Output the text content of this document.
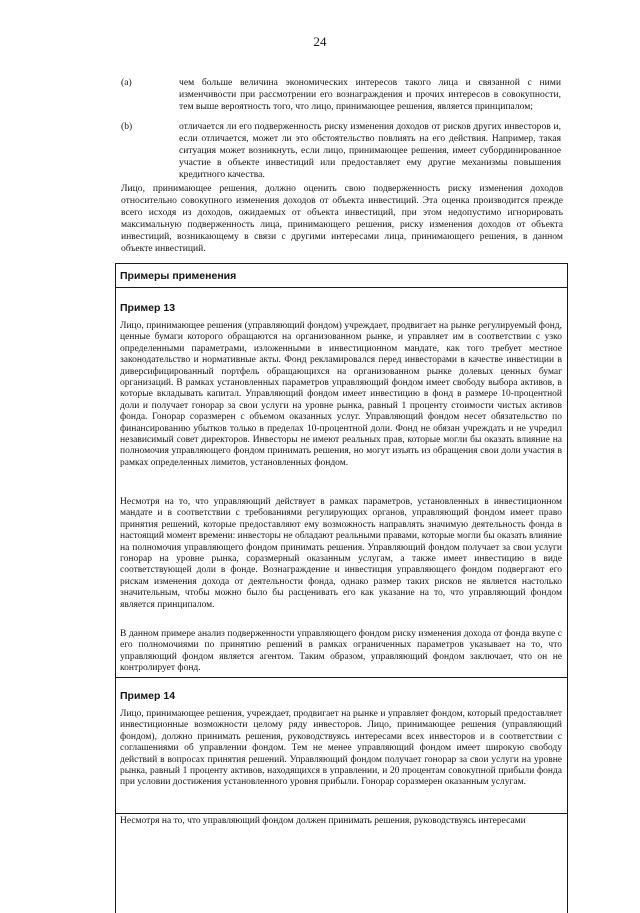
24
(a)	чем больше величина экономических интересов такого лица и связанной с ними изменчивости при рассмотрении его вознаграждения и прочих интересов в совокупности, тем выше вероятность того, что лицо, принимающее решения, является принципалом;
(b)	отличается ли его подверженность риску изменения доходов от рисков других инвесторов и, если отличается, может ли это обстоятельство повлиять на его действия. Например, такая ситуация может возникнуть, если лицо, принимающее решения, имеет субординированное участие в объекте инвестиций или предоставляет ему другие механизмы повышения кредитного качества.
Лицо, принимающее решения, должно оценить свою подверженность риску изменения доходов относительно совокупного изменения доходов от объекта инвестиций. Эта оценка производится прежде всего исходя из доходов, ожидаемых от объекта инвестиций, при этом недопустимо игнорировать максимальную подверженность лица, принимающего решения, риску изменения доходов от объекта инвестиций, возникающему в связи с другими интересами лица, принимающего решения, в данном объекте инвестиций.
Примеры применения
Пример 13
Лицо, принимающее решения (управляющий фондом) учреждает, продвигает на рынке регулируемый фонд, ценные бумаги которого обращаются на организованном рынке, и управляет им в соответствии с узко определенными параметрами, изложенными в инвестиционном мандате, как того требует местное законодательство и нормативные акты. Фонд рекламировался перед инвесторами в качестве инвестиции в диверсифицированный портфель обращающихся на организованном рынке долевых ценных бумаг организаций. В рамках установленных параметров управляющий фондом имеет свободу выбора активов, в которые вкладывать капитал. Управляющий фондом имеет инвестицию в фонд в размере 10-процентной доли и получает гонорар за свои услуги на уровне рынка, равный 1 проценту стоимости чистых активов фонда. Гонорар соразмерен с объемом оказанных услуг. Управляющий фондом несет обязательство по финансированию убытков только в пределах 10-процентной доли. Фонд не обязан учреждать и не учредил независимый совет директоров. Инвесторы не имеют реальных прав, которые могли бы оказать влияние на полномочия управляющего фондом принимать решения, но могут изъять из обращения свои доли участия в рамках определенных лимитов, установленных фондом.
Несмотря на то, что управляющий действует в рамках параметров, установленных в инвестиционном мандате и в соответствии с требованиями регулирующих органов, управляющий фондом имеет право принятия решений, которые предоставляют ему возможность направлять значимую деятельность фонда в настоящий момент времени: инвесторы не обладают реальными правами, которые могли бы оказать влияние на полномочия управляющего фондом принимать решения. Управляющий фондом получает за свои услуги гонорар на уровне рынка, соразмерный оказанным услугам, а также имеет инвестицию в виде соответствующей доли в фонде. Вознаграждение и инвестиция управляющего фондом подвергают его рискам изменения дохода от деятельности фонда, однако размер таких рисков не является настолько значительным, чтобы можно было бы расценивать его как указание на то, что управляющий фондом является принципалом.
В данном примере анализ подверженности управляющего фондом риску изменения дохода от фонда вкупе с его полномочиями по принятию решений в рамках ограниченных параметров указывает на то, что управляющий фондом является агентом. Таким образом, управляющий фондом заключает, что он не контролирует фонд.
Пример 14
Лицо, принимающее решения, учреждает, продвигает на рынке и управляет фондом, который предоставляет инвестиционные возможности целому ряду инвесторов. Лицо, принимающее решения (управляющий фондом), должно принимать решения, руководствуясь интересами всех инвесторов и в соответствии с соглашениями об управлении фондом. Тем не менее управляющий фондом имеет широкую свободу действий в вопросах принятия решений. Управляющий фондом получает гонорар за свои услуги на уровне рынка, равный 1 проценту активов, находящихся в управлении, и 20 процентам совокупной прибыли фонда при условии достижения установленного уровня прибыли. Гонорар соразмерен оказанным услугам.
Несмотря на то, что управляющий фондом должен принимать решения, руководствуясь интересами
